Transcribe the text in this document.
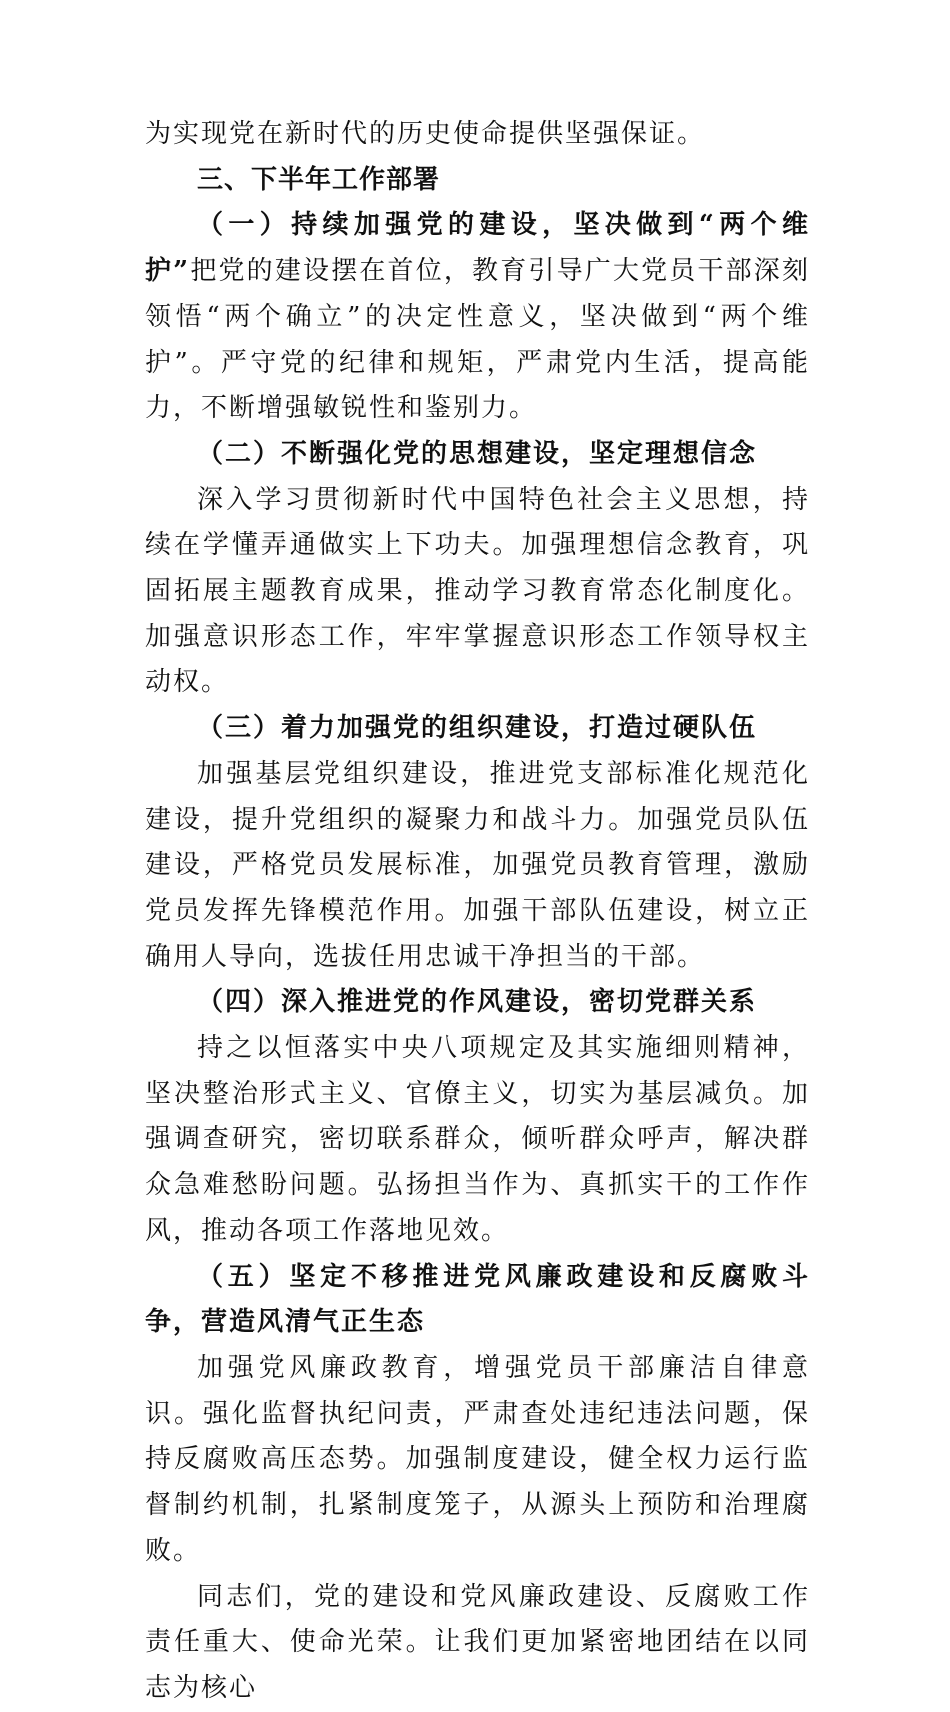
为实现党在新时代的历史使命提供坚强保证。

三、下半年工作部署

（一）持续加强党的建设，坚决做到“两个维护”把党的建设摆在首位，教育引导广大党员干部深刻领悟“两个确立”的决定性意义，坚决做到“两个维护”。严守党的纪律和规矩，严肃党内生活，提高能力，不断增强敏锐性和鉴别力。

（二）不断强化党的思想建设，坚定理想信念

深入学习贯彻新时代中国特色社会主义思想，持续在学懂弄通做实上下功夫。加强理想信念教育，巩固拓展主题教育成果，推动学习教育常态化制度化。加强意识形态工作，牢牢掌握意识形态工作领导权主动权。

（三）着力加强党的组织建设，打造过硬队伍

加强基层党组织建设，推进党支部标准化规范化建设，提升党组织的凝聚力和战斗力。加强党员队伍建设，严格党员发展标准，加强党员教育管理，激励党员发挥先锋模范作用。加强干部队伍建设，树立正确用人导向，选拔任用忠诚干净担当的干部。

（四）深入推进党的作风建设，密切党群关系

持之以恒落实中央八项规定及其实施细则精神，坚决整治形式主义、官僚主义，切实为基层减负。加强调查研究，密切联系群众，倾听群众呼声，解决群众急难愁盼问题。弘扬担当作为、真抓实干的工作作风，推动各项工作落地见效。

（五）坚定不移推进党风廉政建设和反腐败斗争，营造风清气正生态

加强党风廉政教育，增强党员干部廉洁自律意识。强化监督执纪问责，严肃查处违纪违法问题，保持反腐败高压态势。加强制度建设，健全权力运行监督制约机制，扎紧制度笼子，从源头上预防和治理腐败。

同志们，党的建设和党风廉政建设、反腐败工作责任重大、使命光荣。让我们更加紧密地团结在以同志为核心
